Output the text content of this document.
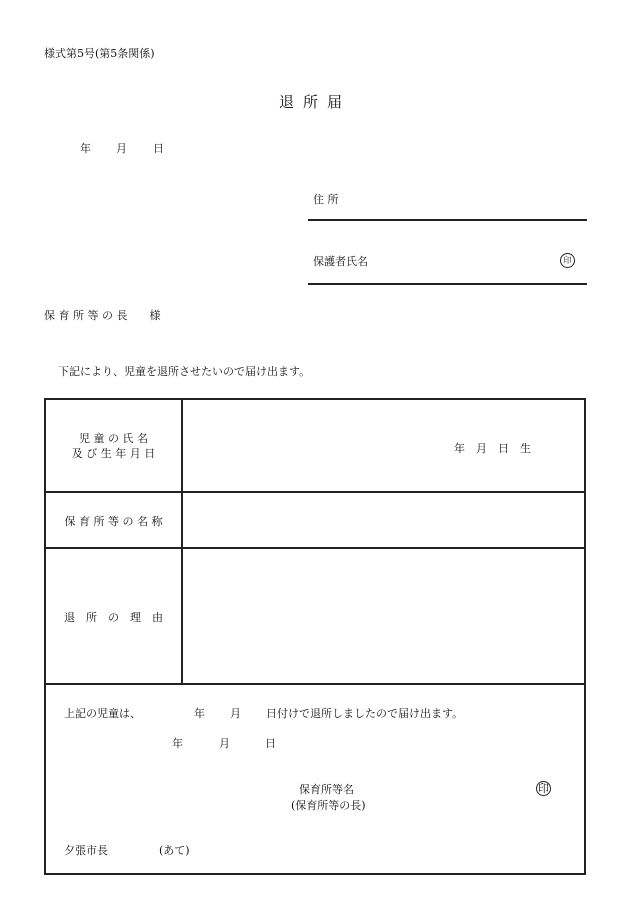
様式第5号(第5条関係)
退所届
年 月 日
住 所
保護者氏名	印
保 育 所 等 の 長　　様
下記により、児童を退所させたいので届け出ます。
児 童 の 氏 名
及 び 生 年 月 日	年　月　日　生
保 育 所 等 の 名 称
退　所　の　理　由
上記の児童は、	年 月 日付けで退所しましたので届け出ます。
年	月	日
保育所等名	印
(保育所等の長)
夕張市長	(あて)
